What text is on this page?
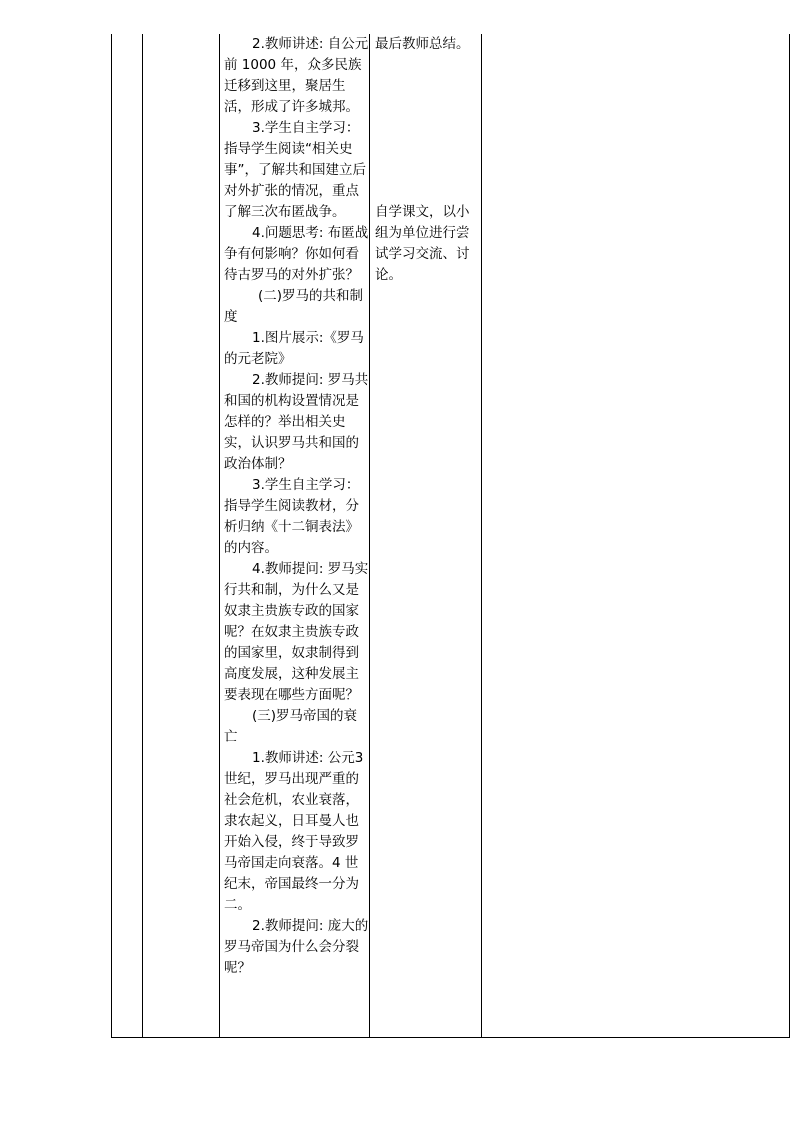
2.教师讲述: 自公元前 1000 年，众多民族迁移到这里，聚居生活，形成了许多城邦。

3.学生自主学习：指导学生阅读“相关史事”，了解共和国建立后对外扩张的情况，重点了解三次布匿战争。

4.问题思考: 布匿战争有何影响？你如何看待古罗马的对外扩张？

(二)罗马的共和制度

1.图片展示:《罗马的元老院》

2.教师提问: 罗马共和国的机构设置情况是怎样的？举出相关史实，认识罗马共和国的政治体制？

3.学生自主学习：指导学生阅读教材，分析归纳《十二铜表法》的内容。

4.教师提问: 罗马实行共和制，为什么又是奴隶主贵族专政的国家呢？在奴隶主贵族专政的国家里，奴隶制得到高度发展，这种发展主要表现在哪些方面呢？

(三)罗马帝国的衰亡

1.教师讲述: 公元3 世纪，罗马出现严重的社会危机，农业衰落，隶农起义，日耳曼人也开始入侵，终于导致罗马帝国走向衰落。4 世纪末，帝国最终一分为二。

2.教师提问: 庞大的罗马帝国为什么会分裂呢？

最后教师总结。

自学课文，以小组为单位进行尝试学习交流、讨论。
